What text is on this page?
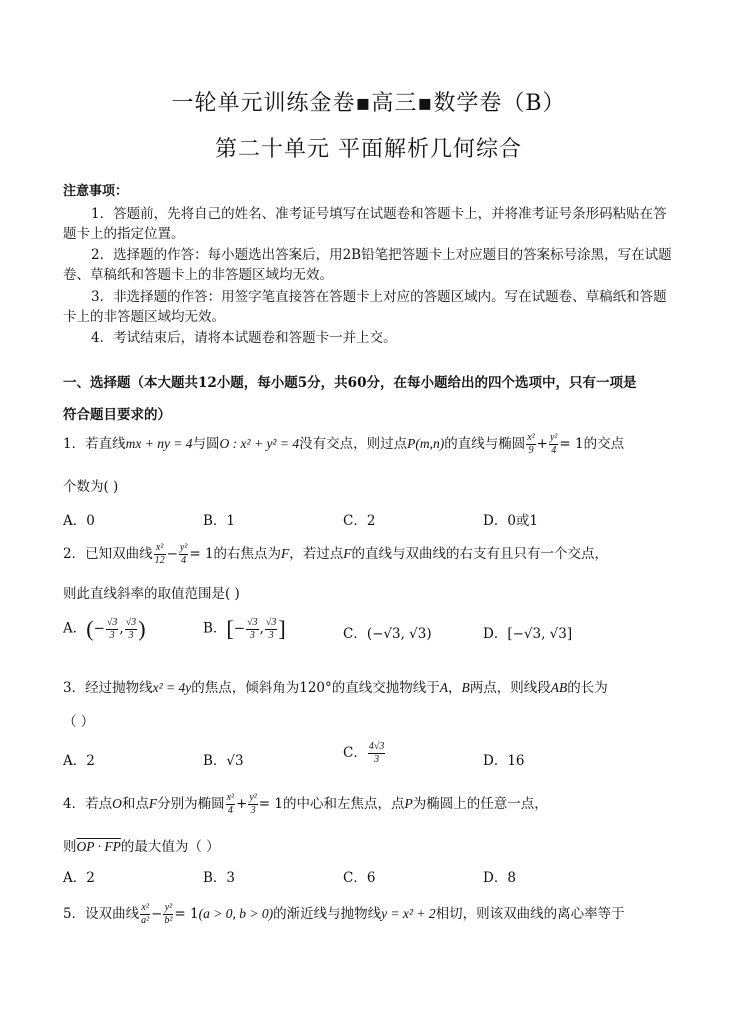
一轮单元训练金卷▪高三▪数学卷（B）
第二十单元 平面解析几何综合
注意事项：
1．答题前，先将自己的姓名、准考证号填写在试题卷和答题卡上，并将准考证号条形码粘贴在答题卡上的指定位置。
2．选择题的作答：每小题选出答案后，用2B铅笔把答题卡上对应题目的答案标号涂黑，写在试题卷、草稿纸和答题卡上的非答题区域均无效。
3．非选择题的作答：用签字笔直接答在答题卡上对应的答题区域内。写在试题卷、草稿纸和答题卡上的非答题区域均无效。
4．考试结束后，请将本试题卷和答题卡一并上交。
一、选择题（本大题共12小题，每小题5分，共60分，在每小题给出的四个选项中，只有一项是
符合题目要求的）
1．若直线mx + ny = 4与圆O : x² + y² = 4没有交点，则过点P(m,n)的直线与椭圆 $\frac{\text{x²}}{9} + \frac{\text{y²}}{4} = 1$的交点
个数为( )
A．0	B．1	C．2	D．0或1
2．已知双曲线 $\frac{\text{x²}}{12} - \frac{\text{y²}}{4} = 1$的右焦点为F，若过点F的直线与双曲线的右支有且只有一个交点，
则此直线斜率的取值范围是( )
A．(− $\frac{√3}{3}$ , $\frac{√3}{3}$ )	B．[− $\frac{√3}{3}$ , $\frac{√3}{3}$ ]	C．(−√3, √3)	D．[−√3, √3]
3．经过抛物线x² = 4y的焦点，倾斜角为120°的直线交抛物线于A，B两点，则线段AB的长为
（ ）
A．2	B．√3	C． $\frac{4√3}{3}$	D．16
4．若点O和点F分别为椭圆 $\frac{\text{x²}}{4} + \frac{\text{y²}}{3} = 1$的中心和左焦点，点P为椭圆上的任意一点，
则OP · FP的最大值为（ ）
A．2	B．3	C．6	D．8
5．设双曲线 $\frac{\text{x²}}{\text{a²}} - \frac{\text{y²}}{\text{b²}} = 1(a > 0$, b > 0)的渐近线与抛物线y = x² + 2相切，则该双曲线的离心率等于
